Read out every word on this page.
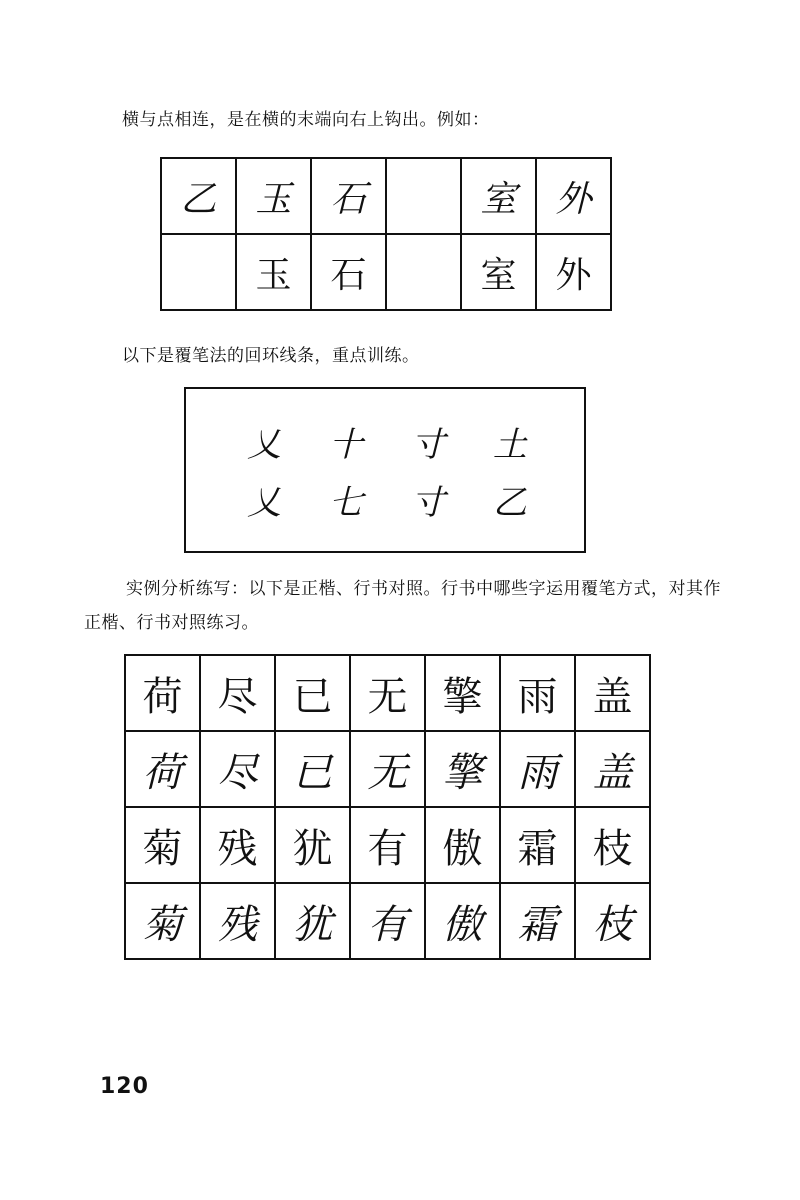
横与点相连，是在横的末端向右上钩出。例如：

乙	玉	石		室	外
	玉	石		室	外

以下是覆笔法的回环线条，重点训练。

乂 十 寸 土
乂 七 寸 乙

实例分析练写：以下是正楷、行书对照。行书中哪些字运用覆笔方式，对其作正楷、行书对照练习。

荷	尽	已	无	擎	雨	盖
荷	尽	已	无	擎	雨	盖
菊	残	犹	有	傲	霜	枝
菊	残	犹	有	傲	霜	枝
120
